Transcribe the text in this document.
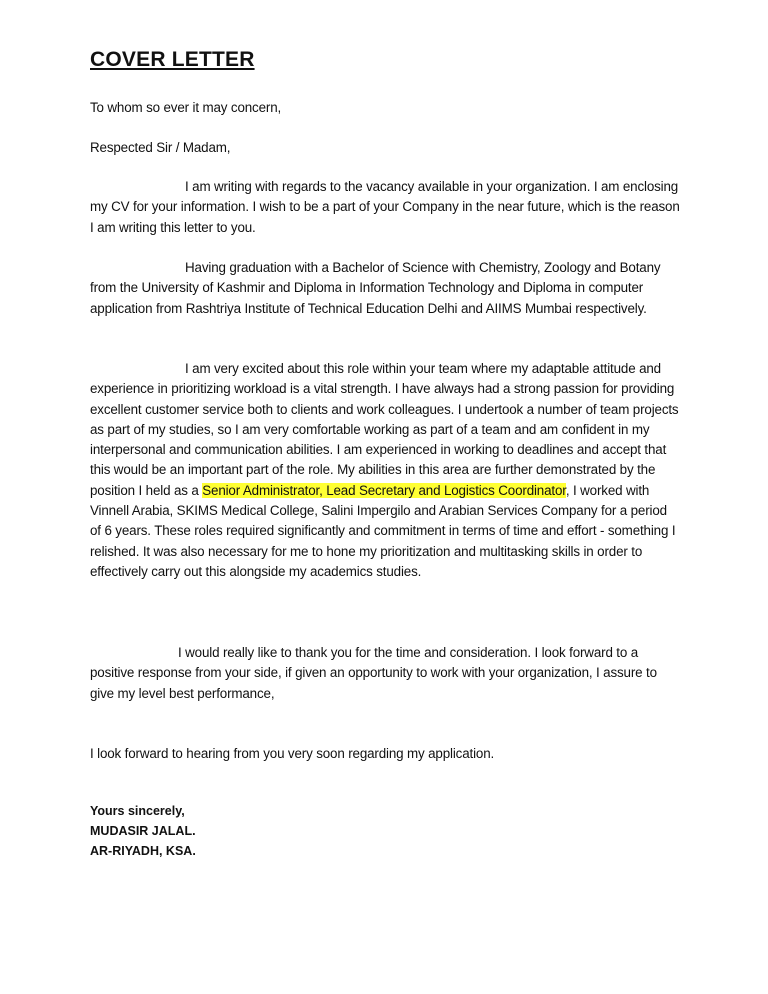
COVER LETTER

To whom so ever it may concern,

Respected Sir / Madam,

I am writing with regards to the vacancy available in your organization. I am enclosing my CV for your information. I wish to be a part of your Company in the near future, which is the reason I am writing this letter to you.

Having graduation with a Bachelor of Science with Chemistry, Zoology and Botany from the University of Kashmir and Diploma in Information Technology and Diploma in computer application from Rashtriya Institute of Technical Education Delhi and AIIMS Mumbai respectively.

I am very excited about this role within your team where my adaptable attitude and experience in prioritizing workload is a vital strength. I have always had a strong passion for providing excellent customer service both to clients and work colleagues. I undertook a number of team projects as part of my studies, so I am very comfortable working as part of a team and am confident in my interpersonal and communication abilities. I am experienced in working to deadlines and accept that this would be an important part of the role. My abilities in this area are further demonstrated by the position I held as a Senior Administrator, Lead Secretary and Logistics Coordinator, I worked with Vinnell Arabia, SKIMS Medical College, Salini Impergilo and Arabian Services Company for a period of 6 years. These roles required significantly and commitment in terms of time and effort - something I relished. It was also necessary for me to hone my prioritization and multitasking skills in order to effectively carry out this alongside my academics studies.

I would really like to thank you for the time and consideration. I look forward to a positive response from your side, if given an opportunity to work with your organization, I assure to give my level best performance,

I look forward to hearing from you very soon regarding my application.

Yours sincerely,

MUDASIR JALAL.

AR-RIYADH, KSA.
